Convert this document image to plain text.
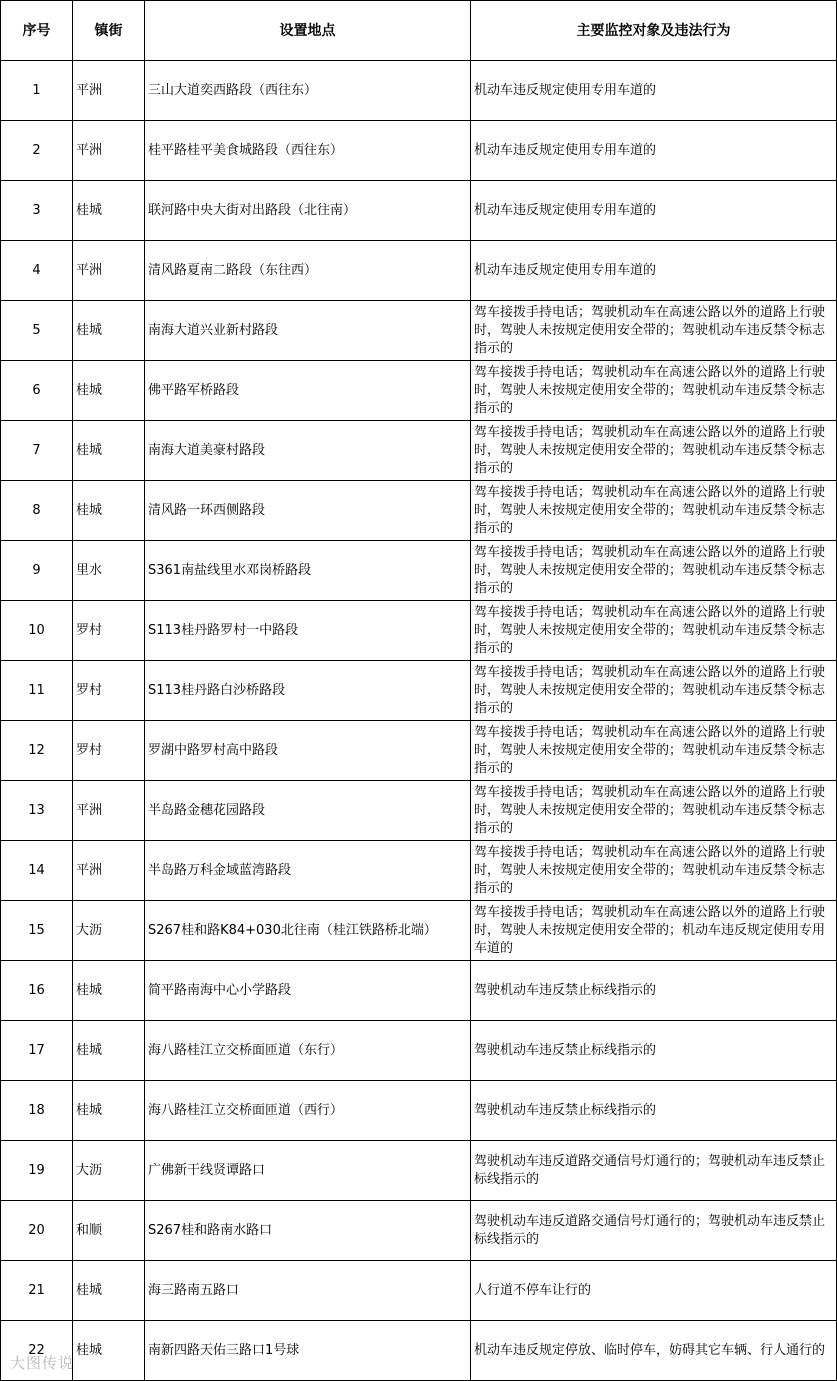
序号	镇街	设置地点	主要监控对象及违法行为
1	平洲	三山大道奕西路段（西往东）	机动车违反规定使用专用车道的
2	平洲	桂平路桂平美食城路段（西往东）	机动车违反规定使用专用车道的
3	桂城	联河路中央大街对出路段（北往南）	机动车违反规定使用专用车道的
4	平洲	清风路夏南二路段（东往西）	机动车违反规定使用专用车道的
5	桂城	南海大道兴业新村路段	驾车接拨手持电话；驾驶机动车在高速公路以外的道路上行驶时，驾驶人未按规定使用安全带的；驾驶机动车违反禁令标志指示的
6	桂城	佛平路军桥路段	驾车接拨手持电话；驾驶机动车在高速公路以外的道路上行驶时，驾驶人未按规定使用安全带的；驾驶机动车违反禁令标志指示的
7	桂城	南海大道美豪村路段	驾车接拨手持电话；驾驶机动车在高速公路以外的道路上行驶时，驾驶人未按规定使用安全带的；驾驶机动车违反禁令标志指示的
8	桂城	清风路一环西侧路段	驾车接拨手持电话；驾驶机动车在高速公路以外的道路上行驶时，驾驶人未按规定使用安全带的；驾驶机动车违反禁令标志指示的
9	里水	S361南盐线里水邓岗桥路段	驾车接拨手持电话；驾驶机动车在高速公路以外的道路上行驶时，驾驶人未按规定使用安全带的；驾驶机动车违反禁令标志指示的
10	罗村	S113桂丹路罗村一中路段	驾车接拨手持电话；驾驶机动车在高速公路以外的道路上行驶时，驾驶人未按规定使用安全带的；驾驶机动车违反禁令标志指示的
11	罗村	S113桂丹路白沙桥路段	驾车接拨手持电话；驾驶机动车在高速公路以外的道路上行驶时，驾驶人未按规定使用安全带的；驾驶机动车违反禁令标志指示的
12	罗村	罗湖中路罗村高中路段	驾车接拨手持电话；驾驶机动车在高速公路以外的道路上行驶时，驾驶人未按规定使用安全带的；驾驶机动车违反禁令标志指示的
13	平洲	半岛路金穗花园路段	驾车接拨手持电话；驾驶机动车在高速公路以外的道路上行驶时，驾驶人未按规定使用安全带的；驾驶机动车违反禁令标志指示的
14	平洲	半岛路万科金域蓝湾路段	驾车接拨手持电话；驾驶机动车在高速公路以外的道路上行驶时，驾驶人未按规定使用安全带的；驾驶机动车违反禁令标志指示的
15	大沥	S267桂和路K84+030北往南（桂江铁路桥北端）	驾车接拨手持电话；驾驶机动车在高速公路以外的道路上行驶时，驾驶人未按规定使用安全带的；机动车违反规定使用专用车道的
16	桂城	简平路南海中心小学路段	驾驶机动车违反禁止标线指示的
17	桂城	海八路桂江立交桥面匝道（东行）	驾驶机动车违反禁止标线指示的
18	桂城	海八路桂江立交桥面匝道（西行）	驾驶机动车违反禁止标线指示的
19	大沥	广佛新干线贤谭路口	驾驶机动车违反道路交通信号灯通行的；驾驶机动车违反禁止标线指示的
20	和顺	S267桂和路南水路口	驾驶机动车违反道路交通信号灯通行的；驾驶机动车违反禁止标线指示的
21	桂城	海三路南五路口	人行道不停车让行的
22	桂城	南新四路天佑三路口1号球	机动车违反规定停放、临时停车，妨碍其它车辆、行人通行的
大图传说
